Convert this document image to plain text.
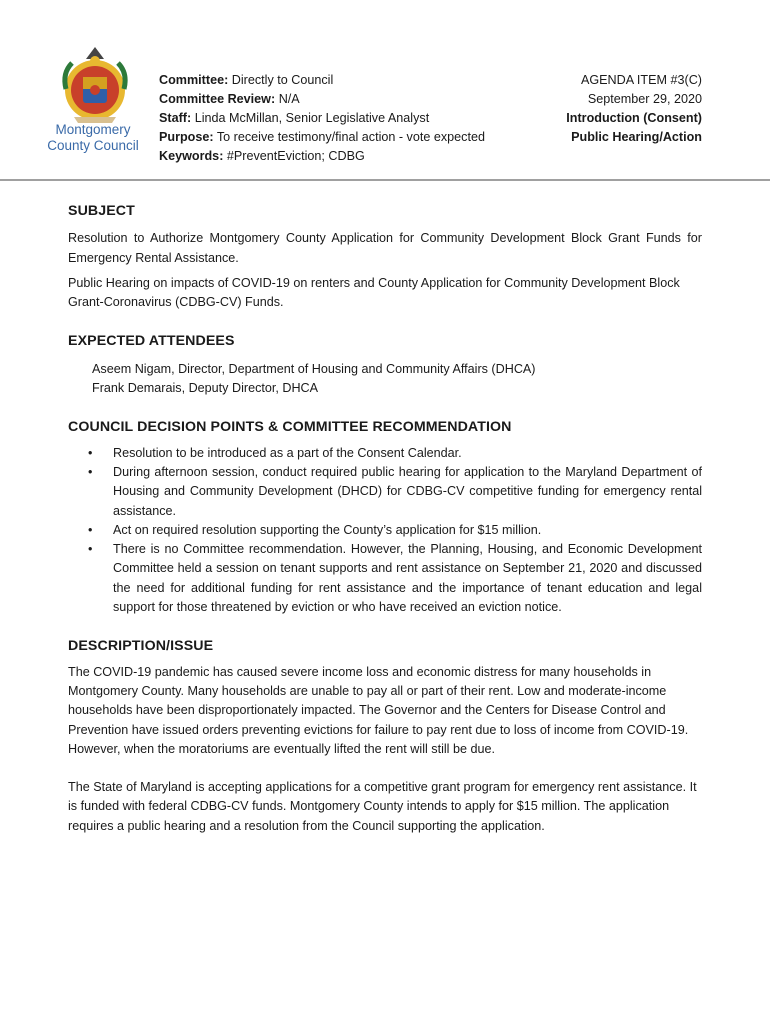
Montgomery
County Council
Committee: Directly to Council
Committee Review: N/A
Staff: Linda McMillan, Senior Legislative Analyst
Purpose: To receive testimony/final action - vote expected
Keywords: #PreventEviction; CDBG
AGENDA ITEM #3(C)
September 29, 2020
Introduction (Consent)
Public Hearing/Action
SUBJECT

Resolution to Authorize Montgomery County Application for Community Development Block Grant Funds for Emergency Rental Assistance.

Public Hearing on impacts of COVID-19 on renters and County Application for Community Development Block Grant-Coronavirus (CDBG-CV) Funds.

EXPECTED ATTENDEES
Aseem Nigam, Director, Department of Housing and Community Affairs (DHCA)
Frank Demarais, Deputy Director, DHCA
COUNCIL DECISION POINTS & COMMITTEE RECOMMENDATION
• Resolution to be introduced as a part of the Consent Calendar.
• During afternoon session, conduct required public hearing for application to the Maryland Department of Housing and Community Development (DHCD) for CDBG-CV competitive funding for emergency rental assistance.
• Act on required resolution supporting the County’s application for $15 million.
• There is no Committee recommendation. However, the Planning, Housing, and Economic Development Committee held a session on tenant supports and rent assistance on September 21, 2020 and discussed the need for additional funding for rent assistance and the importance of tenant education and legal support for those threatened by eviction or who have received an eviction notice.
DESCRIPTION/ISSUE

The COVID-19 pandemic has caused severe income loss and economic distress for many households in Montgomery County. Many households are unable to pay all or part of their rent. Low and moderate-income households have been disproportionately impacted. The Governor and the Centers for Disease Control and Prevention have issued orders preventing evictions for failure to pay rent due to loss of income from COVID-19. However, when the moratoriums are eventually lifted the rent will still be due.

The State of Maryland is accepting applications for a competitive grant program for emergency rent assistance. It is funded with federal CDBG-CV funds. Montgomery County intends to apply for $15 million. The application requires a public hearing and a resolution from the Council supporting the application.
